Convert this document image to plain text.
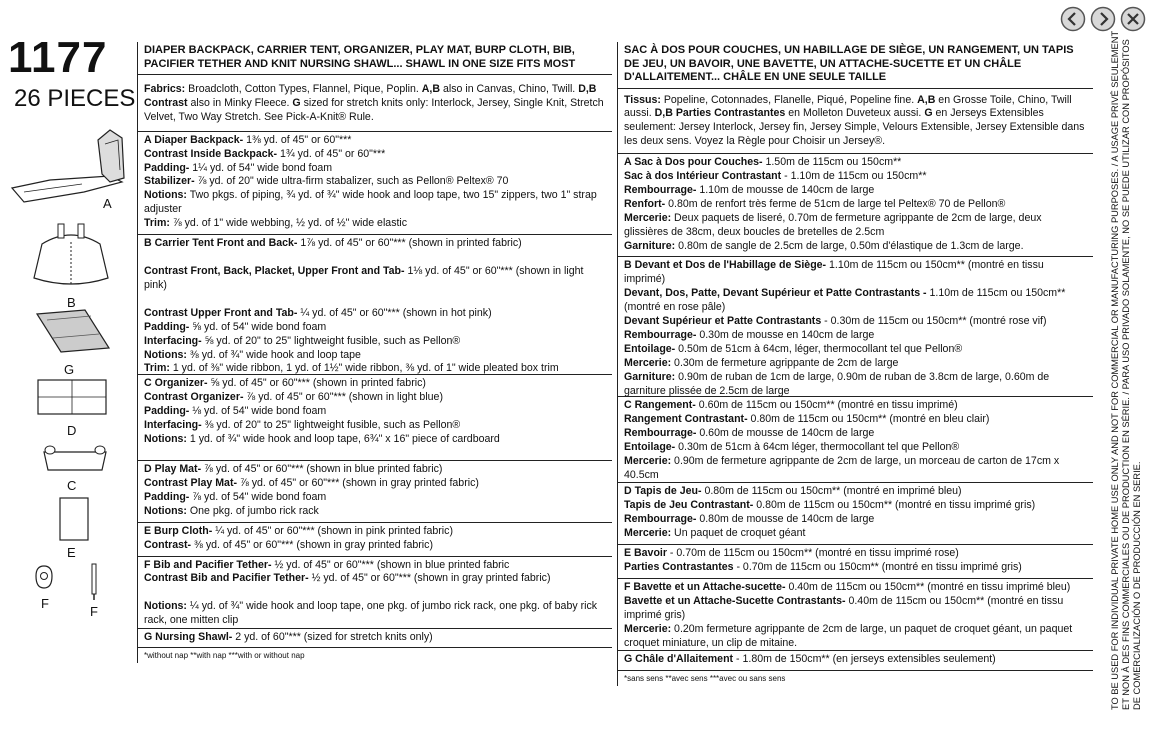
1177
26 PIECES
A
B
G
D
C
E
F
F
DIAPER BACKPACK, CARRIER TENT, ORGANIZER, PLAY MAT, BURP CLOTH, BIB, PACIFIER TETHER AND KNIT NURSING SHAWL... SHAWL IN ONE SIZE FITS MOST
Fabrics: Broadcloth, Cotton Types, Flannel, Pique, Poplin. A,B also in Canvas, Chino, Twill. D,B Contrast also in Minky Fleece. G sized for stretch knits only: Interlock, Jersey, Single Knit, Stretch Velvet, Two Way Stretch. See Pick-A-Knit® Rule.
A Diaper Backpack- 1⅜ yd. of 45" or 60"***
Contrast Inside Backpack- 1¾ yd. of 45" or 60"***
Padding- 1¼ yd. of 54" wide bond foam
Stabilizer- ⅞ yd. of 20" wide ultra-firm stabalizer, such as Pellon® Peltex® 70
Notions: Two pkgs. of piping, ¾ yd. of ¾" wide hook and loop tape, two 15" zippers, two 1" strap adjuster
Trim: ⅞ yd. of 1" wide webbing, ½ yd. of ½" wide elastic
B Carrier Tent Front and Back- 1⅞ yd. of 45" or 60"*** (shown in printed fabric)
Contrast Front, Back, Placket, Upper Front and Tab- 1⅛ yd. of 45" or 60"*** (shown in light pink)
Contrast Upper Front and Tab- ¼ yd. of 45" or 60"*** (shown in hot pink)
Padding- ⅝ yd. of 54" wide bond foam
Interfacing- ⅝ yd. of 20" to 25" lightweight fusible, such as Pellon®
Notions: ⅜ yd. of ¾" wide hook and loop tape
Trim: 1 yd. of ⅜" wide ribbon, 1 yd. of 1½" wide ribbon, ⅜ yd. of 1" wide pleated box trim
C Organizer- ⅝ yd. of 45" or 60"*** (shown in printed fabric)
Contrast Organizer- ⅞ yd. of 45" or 60"*** (shown in light blue)
Padding- ⅛ yd. of 54" wide bond foam
Interfacing- ⅜ yd. of 20" to 25" lightweight fusible, such as Pellon®
Notions: 1 yd. of ¾" wide hook and loop tape, 6¾" x 16" piece of cardboard
D Play Mat- ⅞ yd. of 45" or 60"*** (shown in blue printed fabric)
Contrast Play Mat- ⅞ yd. of 45" or 60"*** (shown in gray printed fabric)
Padding- ⅞ yd. of 54" wide bond foam
Notions: One pkg. of jumbo rick rack
E Burp Cloth- ¼ yd. of 45" or 60"*** (shown in pink printed fabric)
Contrast- ⅜ yd. of 45" or 60"*** (shown in gray printed fabric)
F Bib and Pacifier Tether- ½ yd. of 45" or 60"*** (shown in blue printed fabric
Contrast Bib and Pacifier Tether- ½ yd. of 45" or 60"*** (shown in gray printed fabric)
Notions: ¼ yd. of ¾" wide hook and loop tape, one pkg. of jumbo rick rack, one pkg. of baby rick rack, one mitten clip
G Nursing Shawl- 2 yd. of 60"*** (sized for stretch knits only)
*without nap **with nap ***with or without nap
SAC À DOS POUR COUCHES, UN HABILLAGE DE SIÈGE, UN RANGEMENT, UN TAPIS DE JEU, UN BAVOIR, UNE BAVETTE, UN ATTACHE-SUCETTE ET UN CHÂLE D'ALLAITEMENT... CHÂLE EN UNE SEULE TAILLE
Tissus: Popeline, Cotonnades, Flanelle, Piqué, Popeline fine. A,B en Grosse Toile, Chino, Twill aussi. D,B Parties Contrastantes en Molleton Duveteux aussi. G en Jerseys Extensibles seulement: Jersey Interlock, Jersey fin, Jersey Simple, Velours Extensible, Jersey Extensible dans les deux sens. Voyez la Règle pour Choisir un Jersey®.
A Sac à Dos pour Couches- 1.50m de 115cm ou 150cm**
Sac à dos Intérieur Contrastant - 1.10m de 115cm ou 150cm**
Rembourrage- 1.10m de mousse de 140cm de large
Renfort- 0.80m de renfort très ferme de 51cm de large tel Peltex® 70 de Pellon®
Mercerie: Deux paquets de liseré, 0.70m de fermeture agrippante de 2cm de large, deux glissières de 38cm, deux boucles de bretelles de 2.5cm
Garniture: 0.80m de sangle de 2.5cm de large, 0.50m d'élastique de 1.3cm de large.
B Devant et Dos de l'Habillage de Siège- 1.10m de 115cm ou 150cm** (montré en tissu imprimé)
Devant, Dos, Patte, Devant Supérieur et Patte Contrastants - 1.10m de 115cm ou 150cm** (montré en rose pâle)
Devant Supérieur et Patte Contrastants - 0.30m de 115cm ou 150cm** (montré rose vif)
Rembourrage- 0.30m de mousse en 140cm de large
Entoilage- 0.50m de 51cm à 64cm, léger, thermocollant tel que Pellon®
Mercerie: 0.30m de fermeture agrippante de 2cm de large
Garniture: 0.90m de ruban de 1cm de large, 0.90m de ruban de 3.8cm de large, 0.60m de garniture plissée de 2.5cm de large
C Rangement- 0.60m de 115cm ou 150cm** (montré en tissu imprimé)
Rangement Contrastant- 0.80m de 115cm ou 150cm** (montré en bleu clair)
Rembourrage- 0.60m de mousse de 140cm de large
Entoilage- 0.30m de 51cm à 64cm léger, thermocollant tel que Pellon®
Mercerie: 0.90m de fermeture agrippante de 2cm de large, un morceau de carton de 17cm x 40.5cm
D Tapis de Jeu- 0.80m de 115cm ou 150cm** (montré en imprimé bleu)
Tapis de Jeu Contrastant- 0.80m de 115cm ou 150cm** (montré en tissu imprimé gris)
Rembourrage- 0.80m de mousse de 140cm de large
Mercerie: Un paquet de croquet géant
E Bavoir - 0.70m de 115cm ou 150cm** (montré en tissu imprimé rose)
Parties Contrastantes - 0.70m de 115cm ou 150cm** (montré en tissu imprimé gris)
F Bavette et un Attache-sucette- 0.40m de 115cm ou 150cm** (montré en tissu imprimé bleu)
Bavette et un Attache-Sucette Contrastants- 0.40m de 115cm ou 150cm** (montré en tissu imprimé gris)
Mercerie: 0.20m fermeture agrippante de 2cm de large, un paquet de croquet géant, un paquet croquet miniature, un clip de mitaine.
G Châle d'Allaitement - 1.80m de 150cm** (en jerseys extensibles seulement)
*sans sens **avec sens ***avec ou sans sens	TO BE USED FOR INDIVIDUAL PRIVATE HOME USE ONLY AND NOT FOR COMMERCIAL OR MANUFACTURING PURPOSES. / A USAGE PRIVÉ SEULEMENT ET NON À DES FINS COMMERCIALES OU DE PRODUCTION EN SÉRIE. / PARA USO PRIVADO SOLAMENTE, NO SE PUEDE UTILIZAR CON PROPÓSITOS DE COMERCIALIZACIÓN O DE PRODUCCIÓN EN SERIE.
